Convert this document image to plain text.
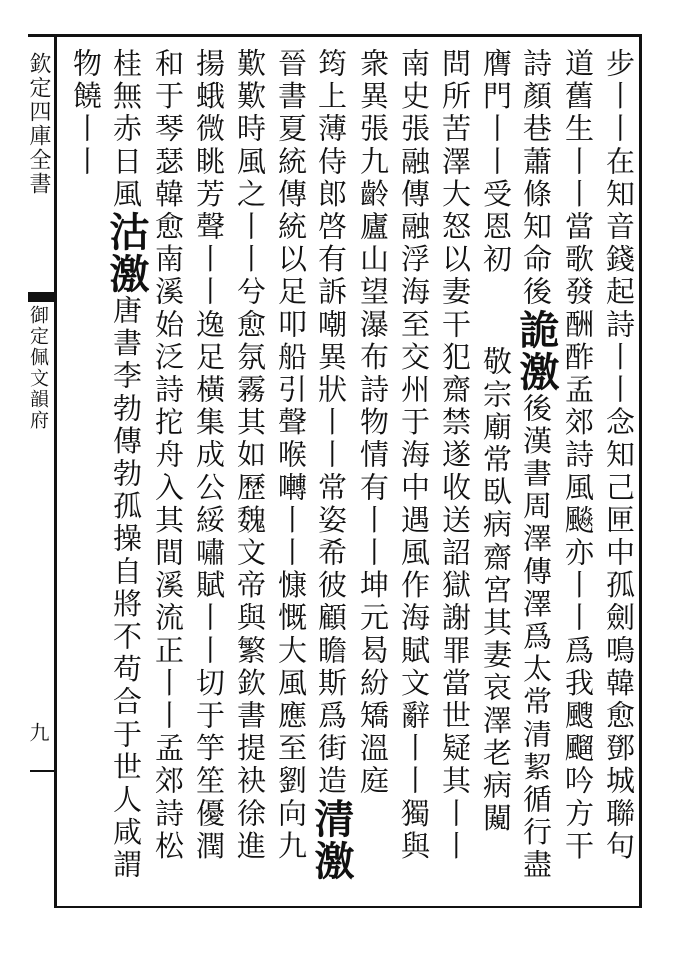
欽定四庫全書
御定佩文韻府
九	步丨丨在知音錢起詩丨丨念知己匣中孤劍鳴韓愈鄧城聯句
道舊生丨丨當歌發酬酢孟郊詩風飈亦丨丨爲我颼飀吟方干
詩顏巷蕭條知命後詭激後漢書周澤傳澤爲太常清絜循行盡
膺門丨丨受恩初敬宗廟常臥病齋宮其妻哀澤老病闚
問所苦澤大怒以妻干犯齋禁遂收送詔獄謝罪當世疑其丨丨
南史張融傳融浮海至交州于海中遇風作海賦文辭丨丨獨與
衆異張九齡廬山望瀑布詩物情有丨丨坤元曷紛矯溫庭
筠上薄侍郎啓有訴嘲異狀丨丨常姿希彼顧瞻斯爲街造清激
晉書夏統傳統以足叩船引聲喉囀丨丨慷慨大風應至劉向九
歎歎時風之丨丨兮愈氛霧其如歷魏文帝與繁欽書提袂徐進
揚蛾微眺芳聲丨丨逸足橫集成公綏嘯賦丨丨切于竽笙優潤
和于琴瑟韓愈南溪始泛詩拕舟入其間溪流正丨丨孟郊詩松
桂無赤日風沽激唐書李勃傳勃孤操自將不苟合于世人咸謂
物饒丨丨
